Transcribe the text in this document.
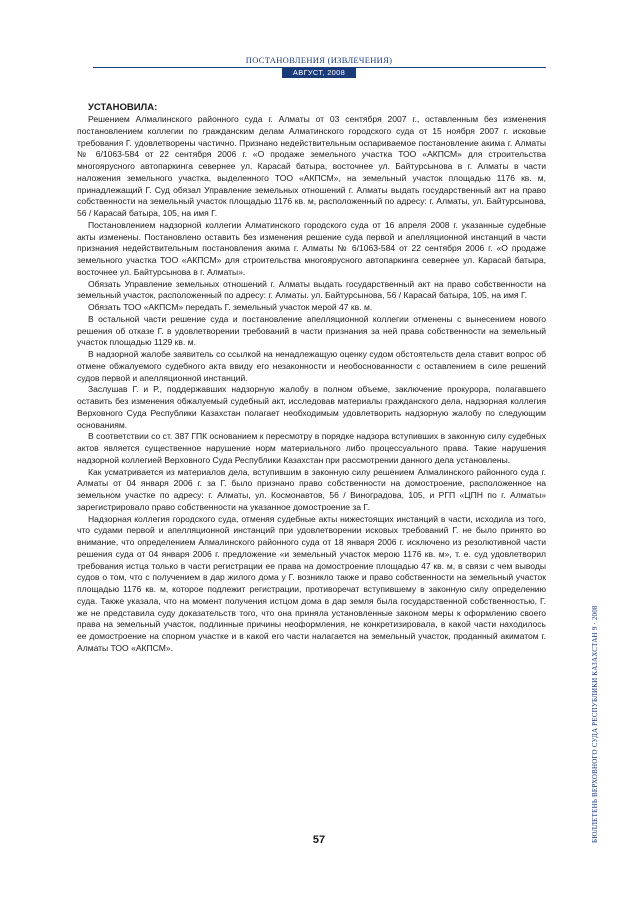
ПОСТАНОВЛЕНИЯ (ИЗВЛЕЧЕНИЯ)
АВГУСТ, 2008
УСТАНОВИЛА:

Решением Алмалинского районного суда г. Алматы от 03 сентября 2007 г., оставленным без изменения постановлением коллегии по гражданским делам Алматинского городского суда от 15 ноября 2007 г. исковые требования Г. удовлетворены частично. Признано недействительным оспариваемое постановление акима г. Алматы № 6/1063-584 от 22 сентября 2006 г. «О продаже земельного участка ТОО «АКПСМ» для строительства многоярусного автопаркинга севернее ул. Карасай батыра, восточнее ул. Байтурсынова в г. Алматы в части наложения земельного участка, выделенного ТОО «АКПСМ», на земельный участок площадью 1176 кв. м, принадлежащий Г. Суд обязал Управление земельных отношений г. Алматы выдать государственный акт на право собственности на земельный участок площадью 1176 кв. м, расположенный по адресу: г. Алматы, ул. Байтурсынова, 56 / Карасай батыра, 105, на имя Г.

Постановлением надзорной коллегии Алматинского городского суда от 16 апреля 2008 г. указанные судебные акты изменены. Постановлено оставить без изменения решение суда первой и апелляционной инстанций в части признания недействительным постановления акима г. Алматы № 6/1063-584 от 22 сентября 2006 г. «О продаже земельного участка ТОО «АКПСМ» для строительства многоярусного автопаркинга севернее ул. Карасай батыра, восточнее ул. Байтурсынова в г. Алматы».

Обязать Управление земельных отношений г. Алматы выдать государственный акт на право собственности на земельный участок, расположенный по адресу: г. Алматы. ул. Байтурсынова, 56 / Карасай батыра, 105, на имя Г.

Обязать ТОО «АКПСМ» передать Г. земельный участок мерой 47 кв. м.

В остальной части решение суда и постановление апелляционной коллегии отменены с вынесением нового решения об отказе Г. в удовлетворении требований в части признания за ней права собственности на земельный участок площадью 1129 кв. м.

В надзорной жалобе заявитель со ссылкой на ненадлежащую оценку судом обстоятельств дела ставит вопрос об отмене обжалуемого судебного акта ввиду его незаконности и необоснованности с оставлением в силе решений судов первой и апелляционной инстанций.

Заслушав Г. и Р., поддержавших надзорную жалобу в полном объеме, заключение прокурора, полагавшего оставить без изменения обжалуемый судебный акт, исследовав материалы гражданского дела, надзорная коллегия Верховного Суда Республики Казахстан полагает необходимым удовлетворить надзорную жалобу по следующим основаниям.

В соответствии со ст. 387 ГПК основанием к пересмотру в порядке надзора вступивших в законную силу судебных актов является существенное нарушение норм материального либо процессуального права. Такие нарушения надзорной коллегией Верховного Суда Республики Казахстан при рассмотрении данного дела установлены.

Как усматривается из материалов дела, вступившим в законную силу решением Алмалинского районного суда г. Алматы от 04 января 2006 г. за Г. было признано право собственности на домостроение, расположенное на земельном участке по адресу: г. Алматы, ул. Космонавтов, 56 / Виноградова, 105, и РГП «ЦПН по г. Алматы» зарегистрировало право собственности на указанное домостроение за Г.

Надзорная коллегия городского суда, отменяя судебные акты нижестоящих инстанций в части, исходила из того, что судами первой и апелляционной инстанций при удовлетворении исковых требований Г. не было принято во внимание, что определением Алмалинского районного суда от 18 января 2006 г. исключено из резолютивной части решения суда от 04 января 2006 г. предложение «и земельный участок мерою 1176 кв. м», т. е. суд удовлетворил требования истца только в части регистрации ее права на домостроение площадью 47 кв. м, в связи с чем выводы судов о том, что с получением в дар жилого дома у Г. возникло также и право собственности на земельный участок площадью 1176 кв. м, которое подлежит регистрации, противоречат вступившему в законную силу определению суда. Также указала, что на момент получения истцом дома в дар земля была государственной собственностью, Г. же не представила суду доказательств того, что она приняла установленные законом меры к оформлению своего права на земельный участок, подлинные причины неоформления, не конкретизировала, в какой части находилось ее домостроение на спорном участке и в какой его части налагается на земельный участок, проданный акиматом г. Алматы ТОО «АКПСМ».

57	БЮЛЛЕТЕНЬ ВЕРХОВНОГО СУДА РЕСПУБЛИКИ КАЗАХСТАН 9 · 2008
